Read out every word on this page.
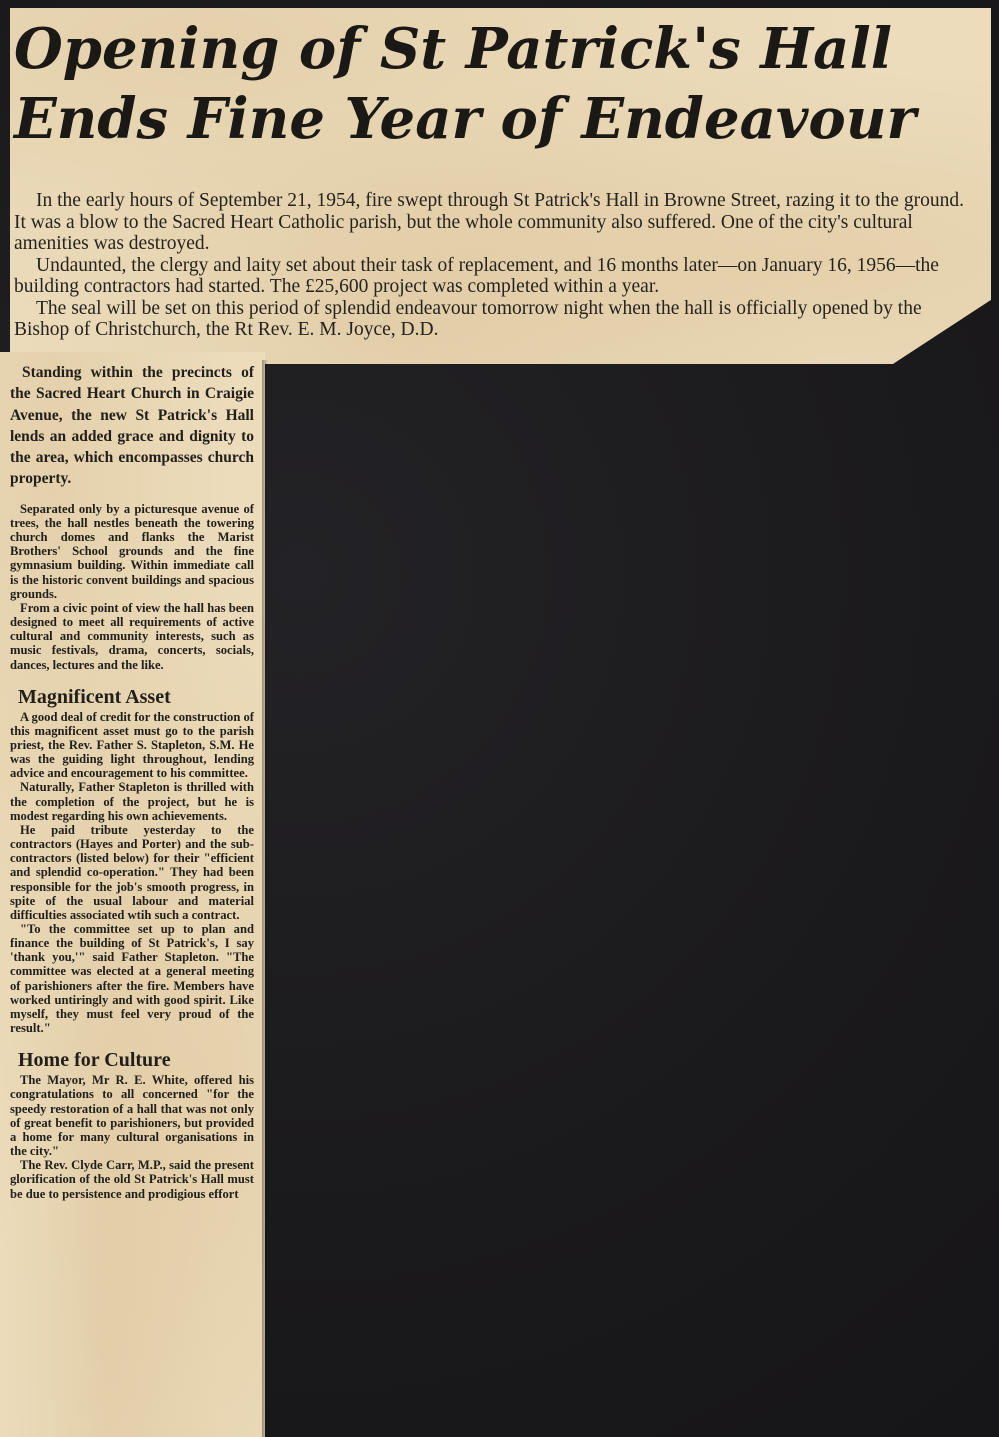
Opening of St Patrick's Hall
Ends Fine Year of Endeavour

In the early hours of September 21, 1954, fire swept through St Patrick's Hall in Browne Street, razing it to the ground. It was a blow to the Sacred Heart Catholic parish, but the whole community also suffered. One of the city's cultural amenities was destroyed.

Undaunted, the clergy and laity set about their task of replacement, and 16 months later—on January 16, 1956—the building contractors had started. The £25,600 project was completed within a year.

The seal will be set on this period of splendid endeavour tomorrow night when the hall is officially opened by the Bishop of Christchurch, the Rt Rev. E. M. Joyce, D.D.

Standing within the precincts of the Sacred Heart Church in Craigie Avenue, the new St Patrick's Hall lends an added grace and dignity to the area, which encompasses church property.

Separated only by a picturesque avenue of trees, the hall nestles beneath the towering church domes and flanks the Marist Brothers' School grounds and the fine gymnasium building. Within immediate call is the historic convent buildings and spacious grounds.

From a civic point of view the hall has been designed to meet all requirements of active cultural and community interests, such as music festivals, drama, concerts, socials, dances, lectures and the like.

Magnificent Asset

A good deal of credit for the construction of this magnificent asset must go to the parish priest, the Rev. Father S. Stapleton, S.M. He was the guiding light throughout, lending advice and encouragement to his committee.

Naturally, Father Stapleton is thrilled with the completion of the project, but he is modest regarding his own achievements.

He paid tribute yesterday to the contractors (Hayes and Porter) and the sub-contractors (listed below) for their "efficient and splendid co-operation." They had been responsible for the job's smooth progress, in spite of the usual labour and material difficulties associated wtih such a contract.

"To the committee set up to plan and finance the building of St Patrick's, I say 'thank you,'" said Father Stapleton. "The committee was elected at a general meeting of parishioners after the fire. Members have worked untiringly and with good spirit. Like myself, they must feel very proud of the result."

Home for Culture

The Mayor, Mr R. E. White, offered his congratulations to all concerned "for the speedy restoration of a hall that was not only of great benefit to parishioners, but provided a home for many cultural organisations in the city."

The Rev. Clyde Carr, M.P., said the present glorification of the old St Patrick's Hall must be due to persistence and prodigious effort
